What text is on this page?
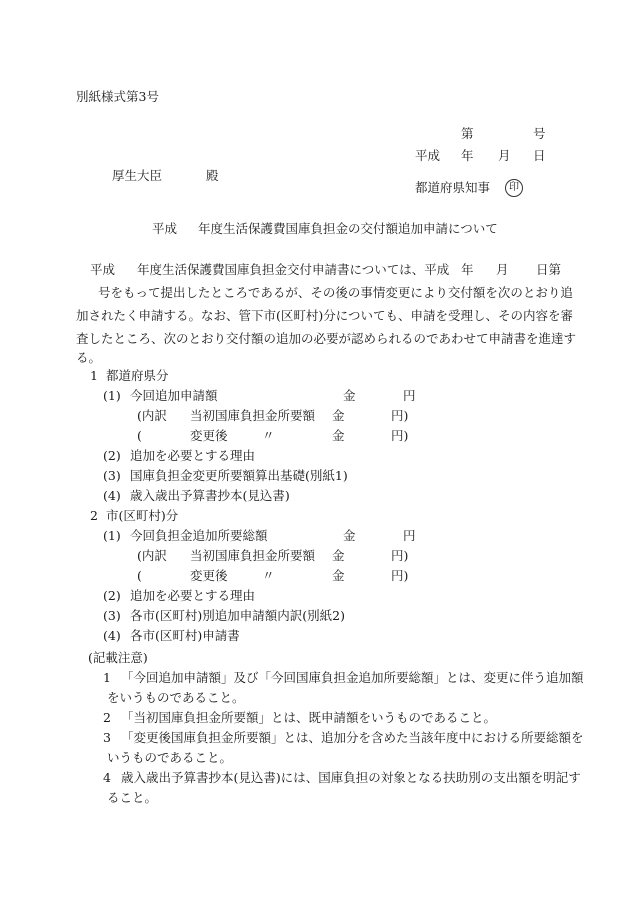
別紙様式第3号
第	号
平成 年 月 日
都道府県知事	印
厚生大臣	殿
平成 年度生活保護費国庫負担金の交付額追加申請について
平成 年度生活保護費国庫負担金交付申請書については、平成 年 月 日第
号をもって提出したところであるが、その後の事情変更により交付額を次のとおり追
加されたく申請する。なお、管下市(区町村)分についても、申請を受理し、その内容を審
査したところ、次のとおり交付額の追加の必要が認められるのであわせて申請書を進達す
る。
1 都道府県分
(1) 今回追加申請額	金	円
(内訳 当初国庫負担金所要額 金	円)
(	変更後	〃	金	円)
(2) 追加を必要とする理由
(3) 国庫負担金変更所要額算出基礎(別紙1)
(4) 歳入歳出予算書抄本(見込書)
2 市(区町村)分
(1) 今回負担金追加所要総額	金	円
(内訳 当初国庫負担金所要額 金	円)
(	変更後	〃	金	円)
(2) 追加を必要とする理由
(3) 各市(区町村)別追加申請額内訳(別紙2)
(4) 各市(区町村)申請書
(記載注意)
1 「今回追加申請額」及び「今回国庫負担金追加所要総額」とは、変更に伴う追加額
をいうものであること。
2 「当初国庫負担金所要額」とは、既申請額をいうものであること。
3 「変更後国庫負担金所要額」とは、追加分を含めた当該年度中における所要総額を
いうものであること。
4 歳入歳出予算書抄本(見込書)には、国庫負担の対象となる扶助別の支出額を明記す
ること。
